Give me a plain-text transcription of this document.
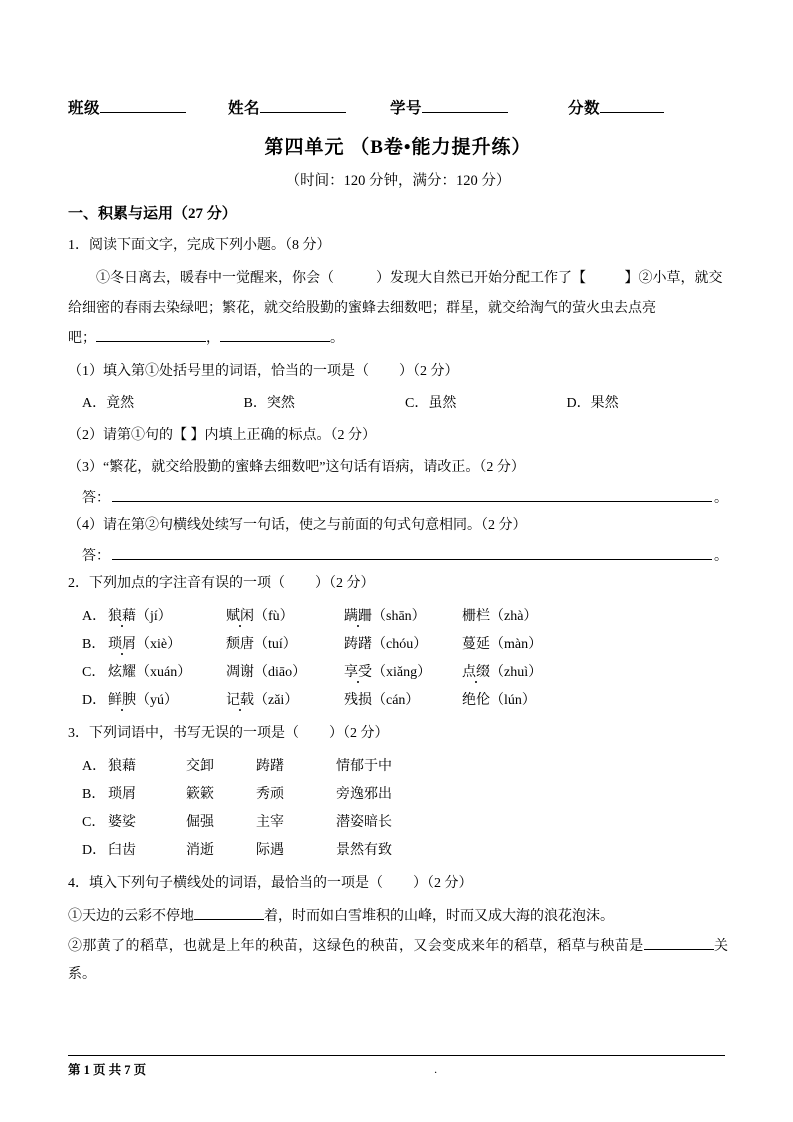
班级	姓名	学号	分数
第四单元 （B卷•能力提升练）
（时间：120 分钟，满分：120 分）
一、积累与运用（27 分）
1．阅读下面文字，完成下列小题。（8 分）
①冬日离去，暖春中一觉醒来，你会（	）发现大自然已开始分配工作了【	】②小草，就交
给细密的春雨去染绿吧；繁花，就交给股勤的蜜蜂去细数吧；群星，就交给淘气的萤火虫去点亮
吧；	，	。
（1）填入第①处括号里的词语，恰当的一项是（ ）（2 分）
A．竟然	B．突然	C．虽然	D．果然
（2）请第①句的【 】内填上正确的标点。（2 分）
（3）“繁花，就交给股勤的蜜蜂去细数吧”这句话有语病，请改正。（2 分）
答：	。
（4）请在第②句横线处续写一句话，使之与前面的句式句意相同。（2 分）
答：	。
2．下列加点的字注音有误的一项（ ）（2 分）
A． 狼藉（jí）	赋闲（fù）	蹒跚（shān）	栅栏（zhà）
B． 琐屑（xiè）	颓唐（tuí）	踌躇（chóu）	蔓延（màn）
C． 炫耀（xuán）	凋谢（diāo）	享受（xiǎng）	点缀（zhuì）
D． 鲜腴（yú）	记载（zǎi）	残损（cán）	绝伦（lún）
3．下列词语中，书写无误的一项是（ ）（2 分）
A． 狼藉	交卸	踌躇	情郁于中
B． 琐屑	簌簌	秀顽	旁逸邪出
C． 婆娑	倔强	主宰	潜姿暗长
D． 臼齿	消逝	际遇	景然有致
4．填入下列句子横线处的词语，最恰当的一项是（ ）（2 分）
①天边的云彩不停地	着，时而如白雪堆积的山峰，时而又成大海的浪花泡沫。
②那黄了的稻草，也就是上年的秧苗，这绿色的秧苗，又会变成来年的稻草，稻草与秧苗是	关系。
第 1 页 共 7 页	.
